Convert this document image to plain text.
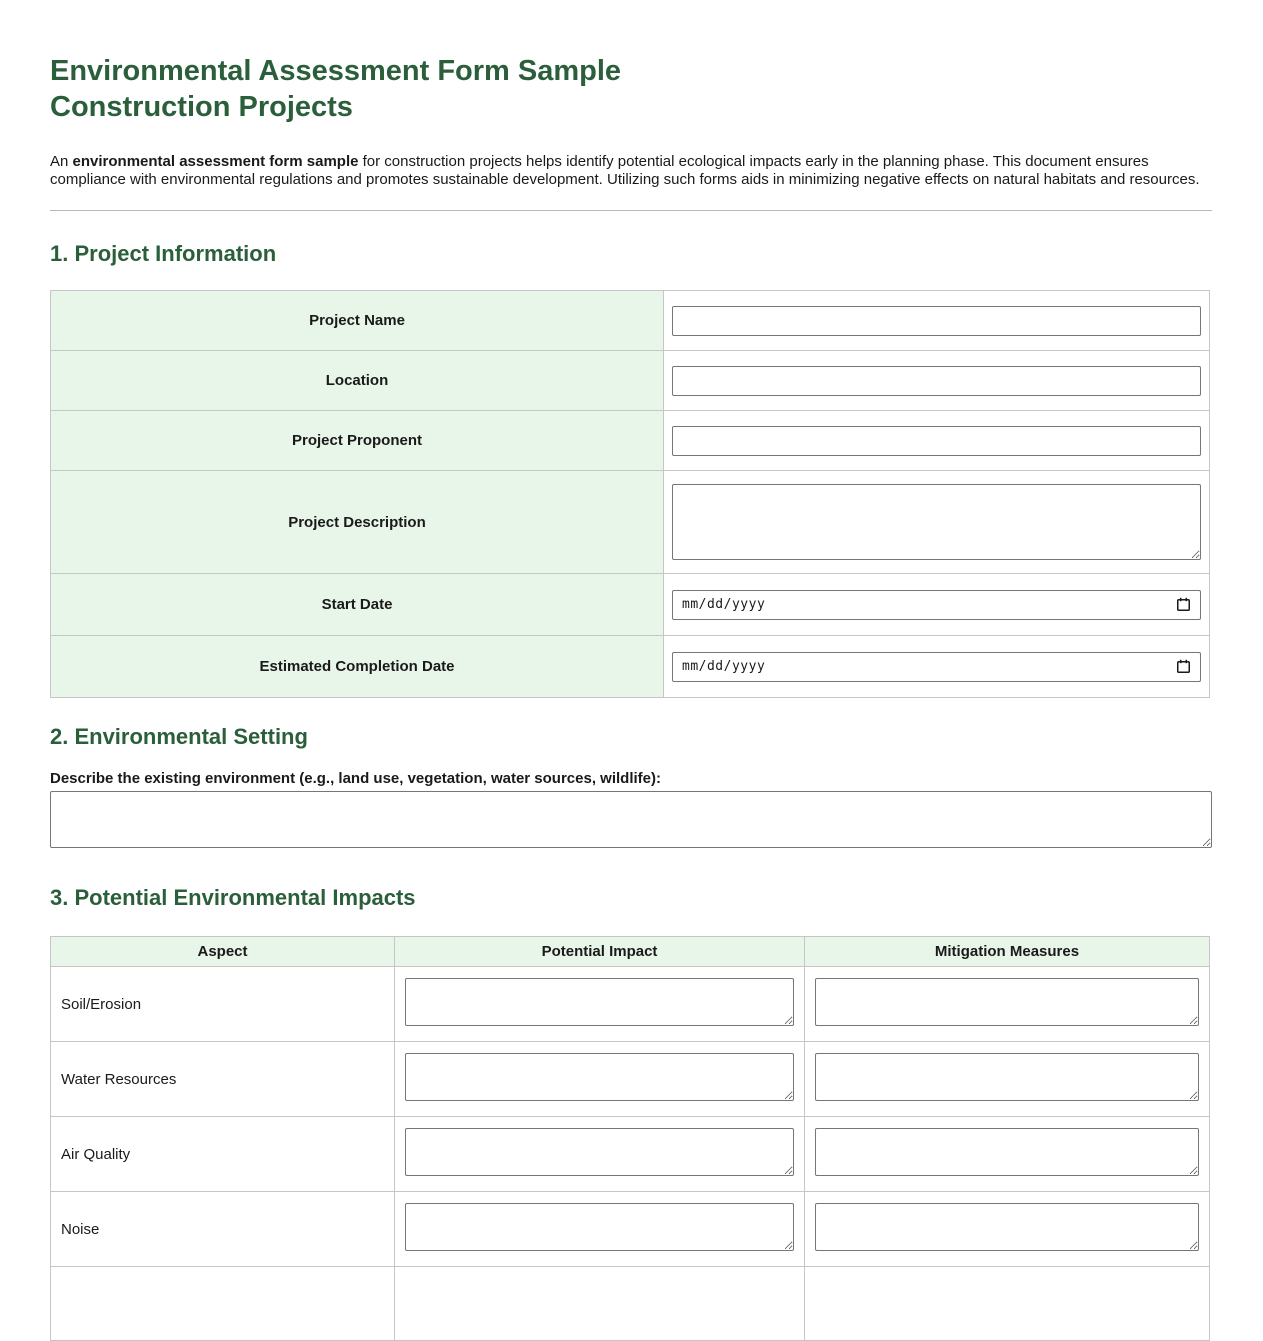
Environmental Assessment Form Sample
Construction Projects

An environmental assessment form sample for construction projects helps identify potential ecological impacts early in the planning phase. This document ensures compliance with environmental regulations and promotes sustainable development. Utilizing such forms aids in minimizing negative effects on natural habitats and resources.

1. Project Information
Project Name	

Location	

Project Proponent	

Project Description	

Start Date	mm/dd/yyyy

Estimated Completion Date	mm/dd/yyyy
2. Environmental Setting

Describe the existing environment (e.g., land use, vegetation, water sources, wildlife):

3. Potential Environmental Impacts
Aspect	Potential Impact	Mitigation Measures
Soil/Erosion	

Water Resources	

Air Quality	

Noise	
